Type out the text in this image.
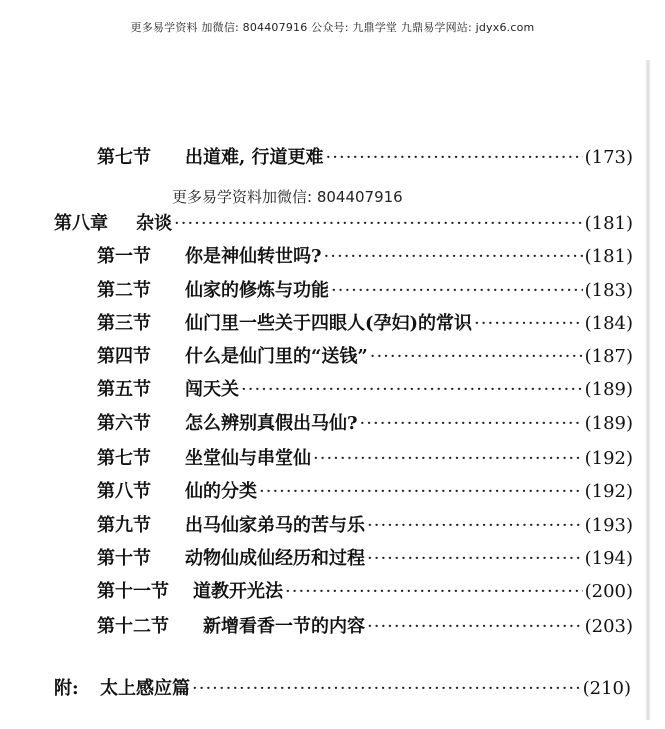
更多易学资料 加微信: 804407916 公众号: 九鼎学堂 九鼎易学网站: jdyx6.com
第七节	出道难, 行道更难 ·····	(173)
更多易学资料加微信: 804407916
第八章	杂谈 ·····	(181)
第一节	你是神仙转世吗? ·····	(181)
第二节	仙家的修炼与功能 ·····	(183)
第三节	仙门里一些关于四眼人(孕妇)的常识 ·····	(184)
第四节	什么是仙门里的“送钱” ·····	(187)
第五节	闯天关 ·····	(189)
第六节	怎么辨别真假出马仙? ·····	(189)
第七节	坐堂仙与串堂仙 ·····	(192)
第八节	仙的分类 ·····	(192)
第九节	出马仙家弟马的苦与乐 ·····	(193)
第十节	动物仙成仙经历和过程 ·····	(194)
第十一节	道教开光法 ·····	(200)
第十二节	新增看香一节的内容 ·····	(203)
附:	太上感应篇 ·····	(210)
